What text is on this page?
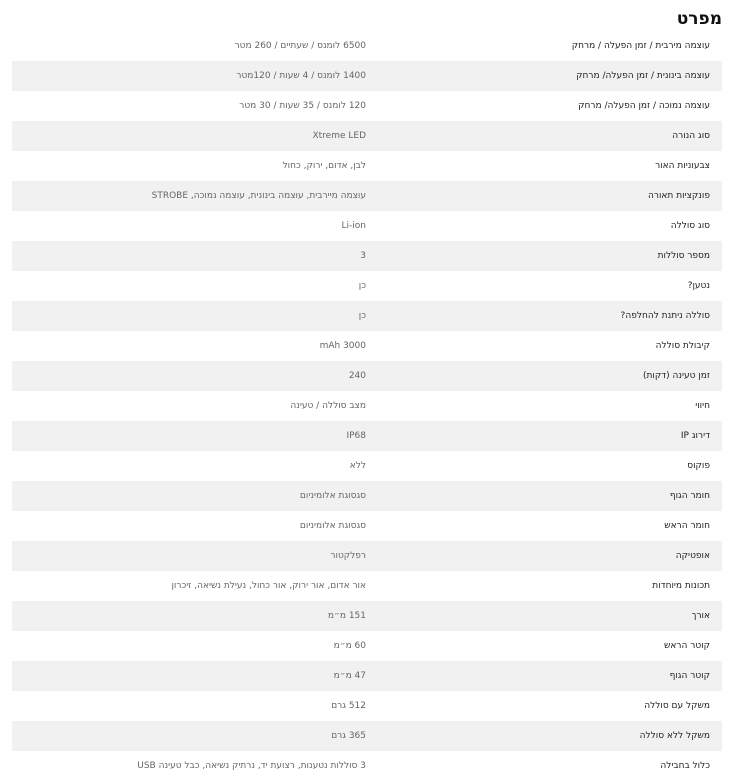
מפרט
עוצמה מירבית / זמן הפעלה / מרחק
6500 לומנס / שעתיים / 260 מטר
עוצמה בינונית / זמן הפעלה/ מרחק
1400 לומנס / 4 שעות / 120מטר
עוצמה נמוכה / זמן הפעלה/ מרחק
120 לומנס / 35 שעות / 30 מטר
סוג הנורה
Xtreme LED
צבעוניות האור
לבן, אדום, ירוק, כחול
פונקציות תאורה
עוצמה מיירבית, עוצמה בינונית, עוצמה נמוכה, STROBE
סוג סוללה
Li-ion
מספר סוללות
3
נטען?
כן
סוללה ניתנת להחלפה?
כן
קיבולת סוללה
mAh 3000
זמן טעינה (דקות)
240
חיווי
מצב סוללה / טעינה
דירוג IP
IP68
פוקוס
ללא
חומר הגוף
סגסוגת אלומיניום
חומר הראש
סגסוגת אלומיניום
אופטיקה
רפלקטור
תכונות מיוחדות
אור אדום, אור ירוק, אור כחול, נעילת נשיאה, זיכרון
אורך
151 מ״מ
קוטר הראש
60 מ״מ
קוטר הגוף
47 מ״מ
משקל עם סוללה
512 גרם
משקל ללא סוללה
365 גרם
כלול בחבילה
3 סוללות נטענות, רצועת יד, נרתיק נשיאה, כבל טעינה USB
